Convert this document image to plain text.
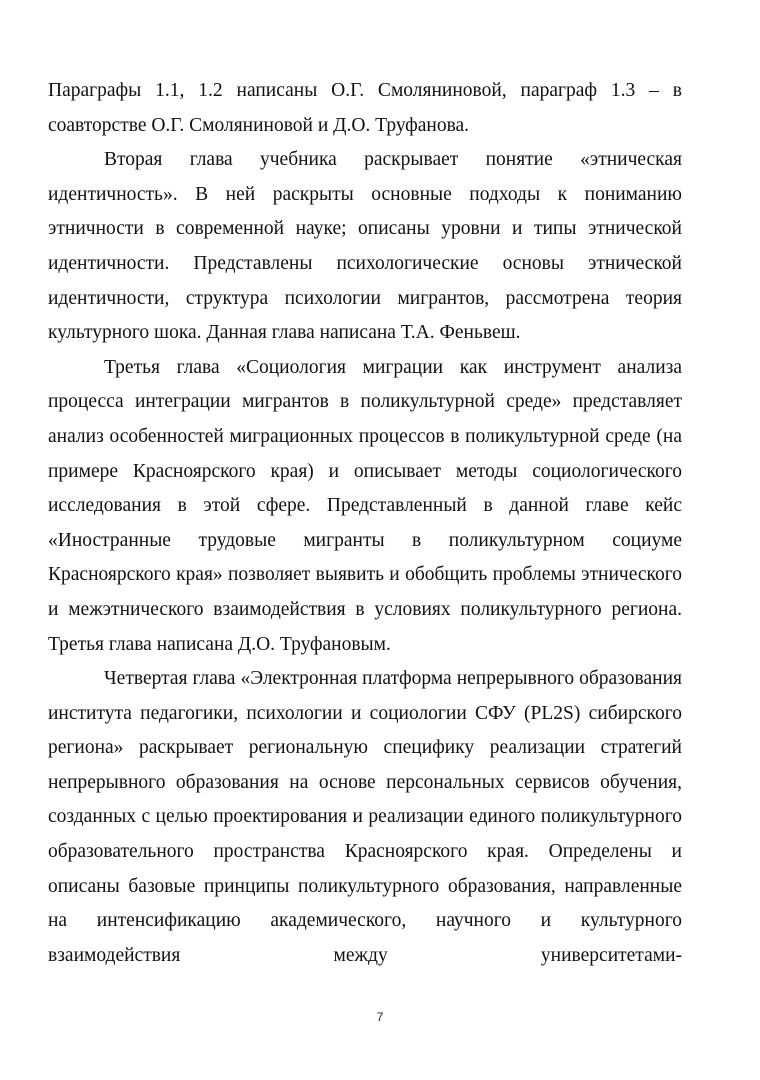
Параграфы 1.1, 1.2 написаны О.Г. Смоляниновой, параграф 1.3 – в соавторстве О.Г. Смоляниновой и Д.О. Труфанова.

Вторая глава учебника раскрывает понятие «этническая идентичность». В ней раскрыты основные подходы к пониманию этничности в современной науке; описаны уровни и типы этнической идентичности. Представлены психологические основы этнической идентичности, структура психологии мигрантов, рассмотрена теория культурного шока. Данная глава написана Т.А. Феньвеш.

Третья глава «Социология миграции как инструмент анализа процесса интеграции мигрантов в поликультурной среде» представляет анализ особенностей миграционных процессов в поликультурной среде (на примере Красноярского края) и описывает методы социологического исследования в этой сфере. Представленный в данной главе кейс «Иностранные трудовые мигранты в поликультурном социуме Красноярского края» позволяет выявить и обобщить проблемы этнического и межэтнического взаимодействия в условиях поликультурного региона. Третья глава написана Д.О. Труфановым.

Четвертая глава «Электронная платформа непрерывного образования института педагогики, психологии и социологии СФУ (PL2S) сибирского региона» раскрывает региональную специфику реализации стратегий непрерывного образования на основе персональных сервисов обучения, созданных с целью проектирования и реализации единого поликультурного образовательного пространства Красноярского края. Определены и описаны базовые принципы поликультурного образования, направленные на интенсификацию академического, научного и культурного взаимодействия между университетами-

7
